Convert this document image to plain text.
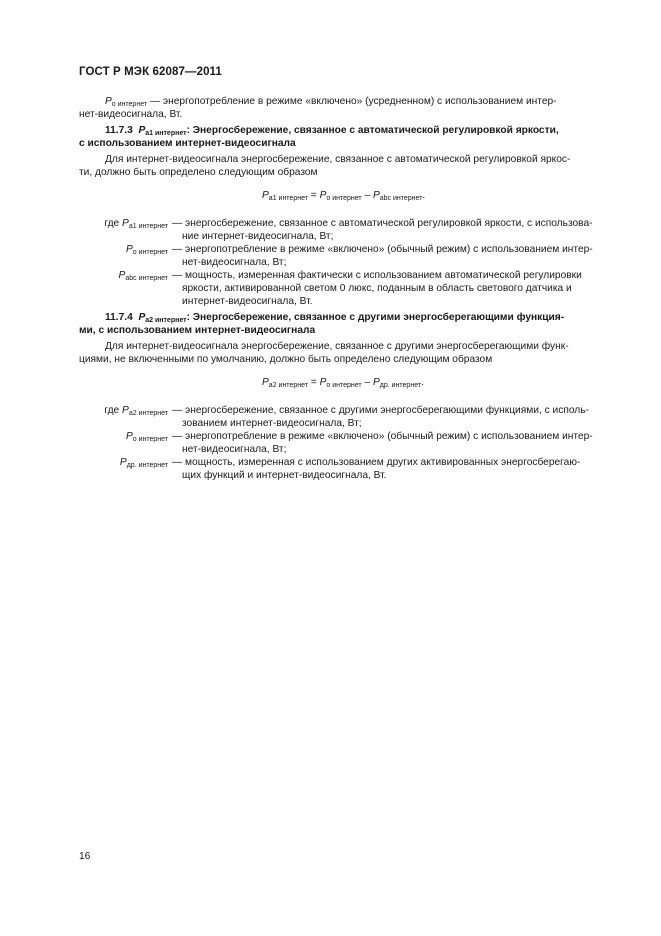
ГОСТ Р МЭК 62087—2011
$P_{о интернет}$ — энергопотребление в режиме «включено» (усредненном) с использованием интер-
нет-видеосигнала, Вт.
11.7.3 $P_{a1 интернет}$: Энергосбережение, связанное с автоматической регулировкой яркости,
с использованием интернет-видеосигнала
Для интернет-видеосигнала энергосбережение, связанное с автоматической регулировкой яркос-
ти, должно быть определено следующим образом
$P_{a1 интернет} = P_{о интернет} - P_{abc интернет}$.
где $P_{a1 интернет}$ — энергосбережение, связанное с автоматической регулировкой яркости, с использова-
ние интернет-видеосигнала, Вт;
$P_{о интернет}$ — энергопотребление в режиме «включено» (обычный режим) с использованием интер-
нет-видеосигнала, Вт;
$P_{abc интернет}$ — мощность, измеренная фактически с использованием автоматической регулировки
яркости, активированной светом 0 люкс, поданным в область светового датчика и
интернет-видеосигнала, Вт.
11.7.4 $P_{a2 интернет}$: Энергосбережение, связанное с другими энергосберегающими функция-
ми, с использованием интернет-видеосигнала
Для интернет-видеосигнала энергосбережение, связанное с другими энергосберегающими функ-
циями, не включенными по умолчанию, должно быть определено следующим образом
$P_{a2 интернет} = P_{о интернет} - P_{др. интернет}$.
где $P_{a2 интернет}$ — энергосбережение, связанное с другими энергосберегающими функциями, с исполь-
зованием интернет-видеосигнала, Вт;
$P_{о интернет}$ — энергопотребление в режиме «включено» (обычный режим) с использованием интер-
нет-видеосигнала, Вт;
$P_{др. интернет}$ — мощность, измеренная с использованием других активированных энергосберегаю-
щих функций и интернет-видеосигнала, Вт.
16
